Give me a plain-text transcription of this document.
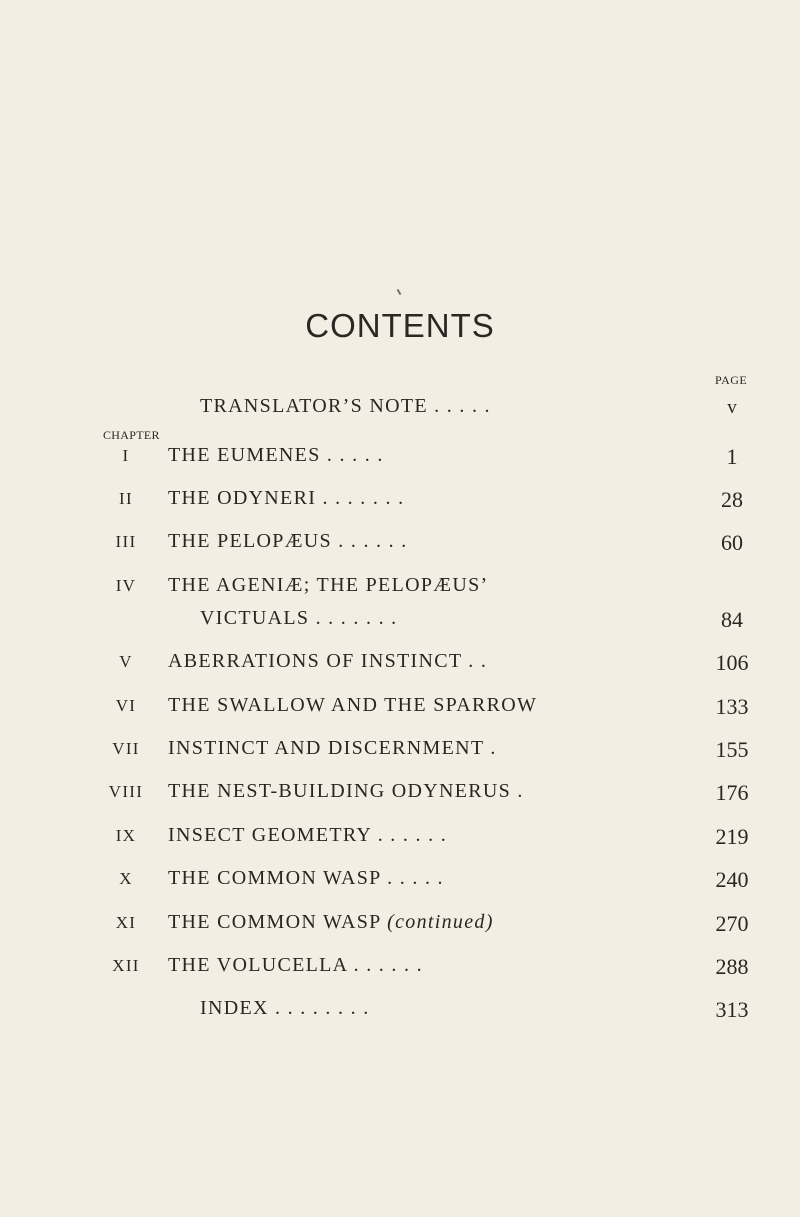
CONTENTS
PAGE
TRANSLATOR’S NOTE . . . . .	v
CHAPTER
I	THE EUMENES . . . . .	1
II	THE ODYNERI . . . . . . .	28
III	THE PELOPÆUS . . . . . .	60
IV	THE AGENIÆ; THE PELOPÆUS’
VICTUALS . . . . . . .	84
V	ABERRATIONS OF INSTINCT . .	106
VI	THE SWALLOW AND THE SPARROW	133
VII	INSTINCT AND DISCERNMENT .	155
VIII	THE NEST-BUILDING ODYNERUS .	176
IX	INSECT GEOMETRY . . . . . .	219
X	THE COMMON WASP . . . . .	240
XI	THE COMMON WASP (continued)	270
XII	THE VOLUCELLA . . . . . .	288
INDEX . . . . . . . .	313
